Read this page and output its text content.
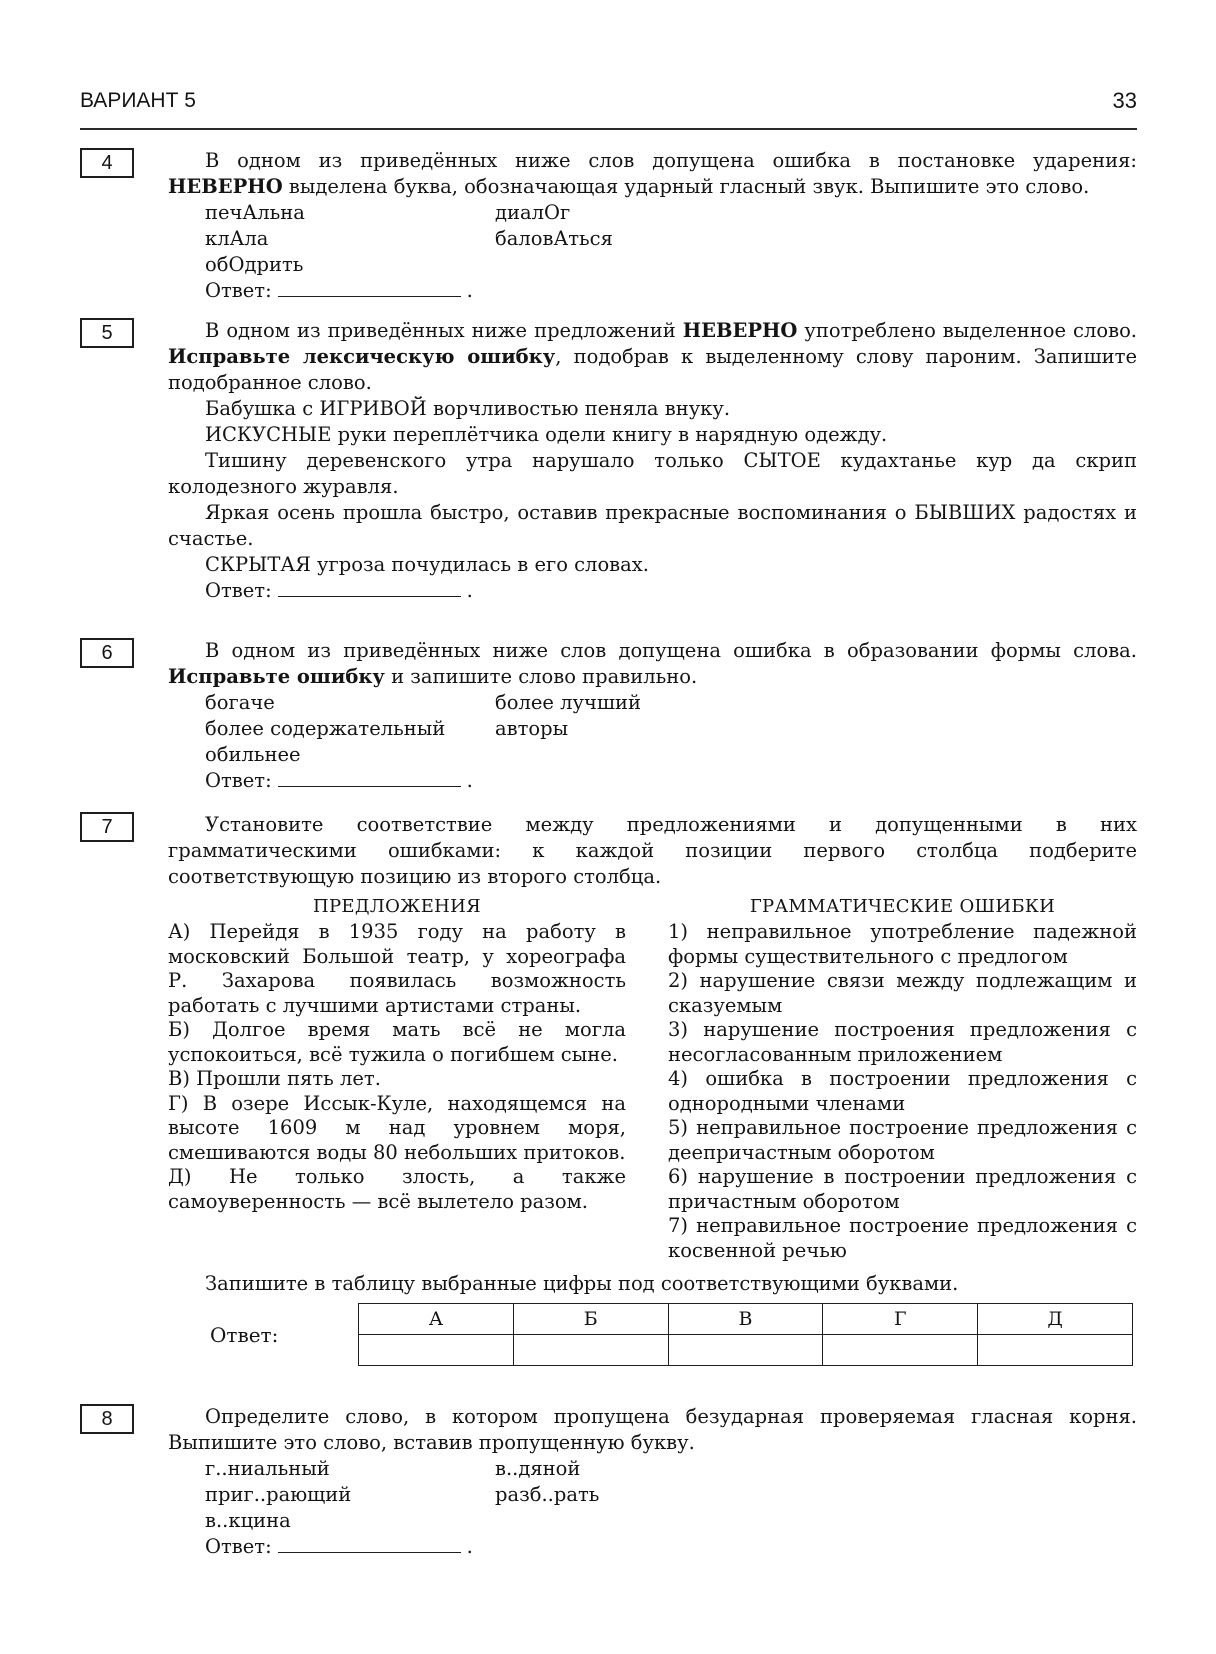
ВАРИАНТ 5	33
4	В одном из приведённых ниже слов допущена ошибка в постановке ударения: НЕВЕРНО выделена буква, обозначающая ударный гласный звук. Выпишите это слово.

печАльна	диалОг
клАла	баловАться
обОдрить
Ответ:	.
5	В одном из приведённых ниже предложений НЕВЕРНО употреблено выделенное слово. Исправьте лексическую ошибку, подобрав к выделенному слову пароним. Запишите подобранное слово.

Бабушка с ИГРИВОЙ ворчливостью пеняла внуку.

ИСКУСНЫЕ руки переплётчика одели книгу в нарядную одежду.

Тишину деревенского утра нарушало только СЫТОЕ кудахтанье кур да скрип колодезного журавля.

Яркая осень прошла быстро, оставив прекрасные воспоминания о БЫВШИХ радостях и счастье.

СКРЫТАЯ угроза почудилась в его словах.

Ответ:	.
6	В одном из приведённых ниже слов допущена ошибка в образовании формы слова. Исправьте ошибку и запишите слово правильно.

богаче	более лучший
более содержательный	авторы
обильнее
Ответ:	.
7	Установите соответствие между предложениями и допущенными в них грамматическими ошибками: к каждой позиции первого столбца подберите соответствующую позицию из второго столбца.

ПРЕДЛОЖЕНИЯ

А) Перейдя в 1935 году на работу в московский Большой театр, у хореографа Р. Захарова появилась возможность работать с лучшими артистами страны.

Б) Долгое время мать всё не могла успокоиться, всё тужила о погибшем сыне.

В) Прошли пять лет.

Г) В озере Иссык-Куле, находящемся на высоте 1609 м над уровнем моря, смешиваются воды 80 небольших притоков.

Д) Не только злость, а также самоуверенность — всё вылетело разом.

ГРАММАТИЧЕСКИЕ ОШИБКИ

1) неправильное употребление падежной формы существительного с предлогом

2) нарушение связи между подлежащим и сказуемым

3) нарушение построения предложения с несогласованным приложением

4) ошибка в построении предложения с однородными членами

5) неправильное построение предложения с деепричастным оборотом

6) нарушение в построении предложения с причастным оборотом

7) неправильное построение предложения с косвенной речью

Запишите в таблицу выбранные цифры под соответствующими буквами.

Ответ:
А	Б	В	Г	Д

8	Определите слово, в котором пропущена безударная проверяемая гласная корня. Выпишите это слово, вставив пропущенную букву.

г..ниальный	в..дяной
приг..рающий	разб..рать
в..кцина
Ответ:	.
